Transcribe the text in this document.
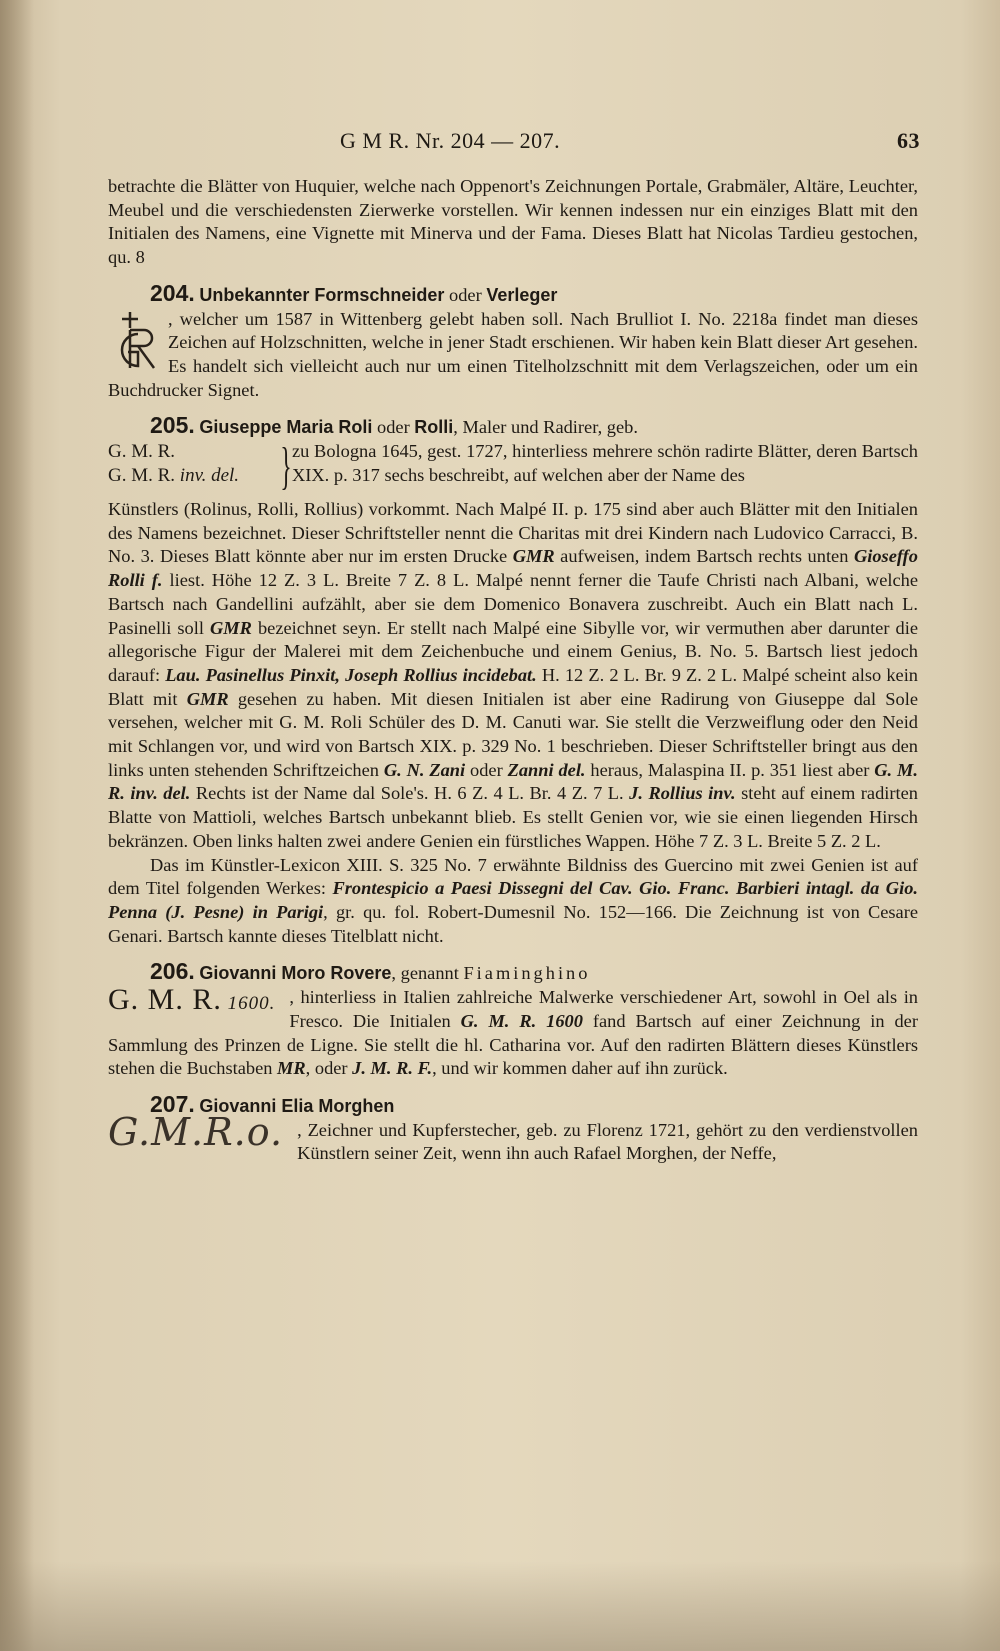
G M R. Nr. 204 — 207.	63

betrachte die Blätter von Huquier, welche nach Oppenort's Zeichnungen Portale, Grabmäler, Altäre, Leuchter, Meubel und die verschiedensten Zierwerke vorstellen. Wir kennen indessen nur ein einziges Blatt mit den Initialen des Namens, eine Vignette mit Minerva und der Fama. Dieses Blatt hat Nicolas Tardieu gestochen, qu. 8

204. Unbekannter Formschneider oder Verleger

, welcher um 1587 in Wittenberg gelebt haben soll. Nach Brulliot I. No. 2218a findet man dieses Zeichen auf Holzschnitten, welche in jener Stadt erschienen. Wir haben kein Blatt dieser Art gesehen. Es handelt sich vielleicht auch nur um einen Titelholzschnitt mit dem Verlagszeichen, oder um ein Buchdrucker Signet.

205. Giuseppe Maria Roli oder Rolli, Maler und Radirer, geb.

G. M. R.
G. M. R. inv. del. } zu Bologna 1645, gest. 1727, hinterliess mehrere schön radirte Blätter, deren Bartsch XIX. p. 317 sechs beschreibt, auf welchen aber der Name des

Künstlers (Rolinus, Rolli, Rollius) vorkommt. Nach Malpé II. p. 175 sind aber auch Blätter mit den Initialen des Namens bezeichnet. Dieser Schriftsteller nennt die Charitas mit drei Kindern nach Ludovico Carracci, B. No. 3. Dieses Blatt könnte aber nur im ersten Drucke GMR aufweisen, indem Bartsch rechts unten Gioseffo Rolli f. liest. Höhe 12 Z. 3 L. Breite 7 Z. 8 L. Malpé nennt ferner die Taufe Christi nach Albani, welche Bartsch nach Gandellini aufzählt, aber sie dem Domenico Bonavera zuschreibt. Auch ein Blatt nach L. Pasinelli soll GMR bezeichnet seyn. Er stellt nach Malpé eine Sibylle vor, wir vermuthen aber darunter die allegorische Figur der Malerei mit dem Zeichenbuche und einem Genius, B. No. 5. Bartsch liest jedoch darauf: Lau. Pasinellus Pinxit, Joseph Rollius incidebat. H. 12 Z. 2 L. Br. 9 Z. 2 L. Malpé scheint also kein Blatt mit GMR gesehen zu haben. Mit diesen Initialen ist aber eine Radirung von Giuseppe dal Sole versehen, welcher mit G. M. Roli Schüler des D. M. Canuti war. Sie stellt die Verzweiflung oder den Neid mit Schlangen vor, und wird von Bartsch XIX. p. 329 No. 1 beschrieben. Dieser Schriftsteller bringt aus den links unten stehenden Schriftzeichen G. N. Zani oder Zanni del. heraus, Malaspina II. p. 351 liest aber G. M. R. inv. del. Rechts ist der Name dal Sole's. H. 6 Z. 4 L. Br. 4 Z. 7 L. J. Rollius inv. steht auf einem radirten Blatte von Mattioli, welches Bartsch unbekannt blieb. Es stellt Genien vor, wie sie einen liegenden Hirsch bekränzen. Oben links halten zwei andere Genien ein fürstliches Wappen. Höhe 7 Z. 3 L. Breite 5 Z. 2 L.

Das im Künstler-Lexicon XIII. S. 325 No. 7 erwähnte Bildniss des Guercino mit zwei Genien ist auf dem Titel folgenden Werkes: Frontespicio a Paesi Dissegni del Cav. Gio. Franc. Barbieri intagl. da Gio. Penna (J. Pesne) in Parigi, gr. qu. fol. Robert-Dumesnil No. 152—166. Die Zeichnung ist von Cesare Genari. Bartsch kannte dieses Titelblatt nicht.

206. Giovanni Moro Rovere, genannt Fiaminghino

G. M. R. 1600. , hinterliess in Italien zahlreiche Malwerke verschiedener Art, sowohl in Oel als in Fresco. Die Initialen G. M. R. 1600 fand Bartsch auf einer Zeichnung in der Sammlung des Prinzen de Ligne. Sie stellt die hl. Catharina vor. Auf den radirten Blättern dieses Künstlers stehen die Buchstaben MR, oder J. M. R. F., und wir kommen daher auf ihn zurück.

207. Giovanni Elia Morghen

G.M.R.o. , Zeichner und Kupferstecher, geb. zu Florenz 1721, gehört zu den verdienstvollen Künstlern seiner Zeit, wenn ihn auch Rafael Morghen, der Neffe,
